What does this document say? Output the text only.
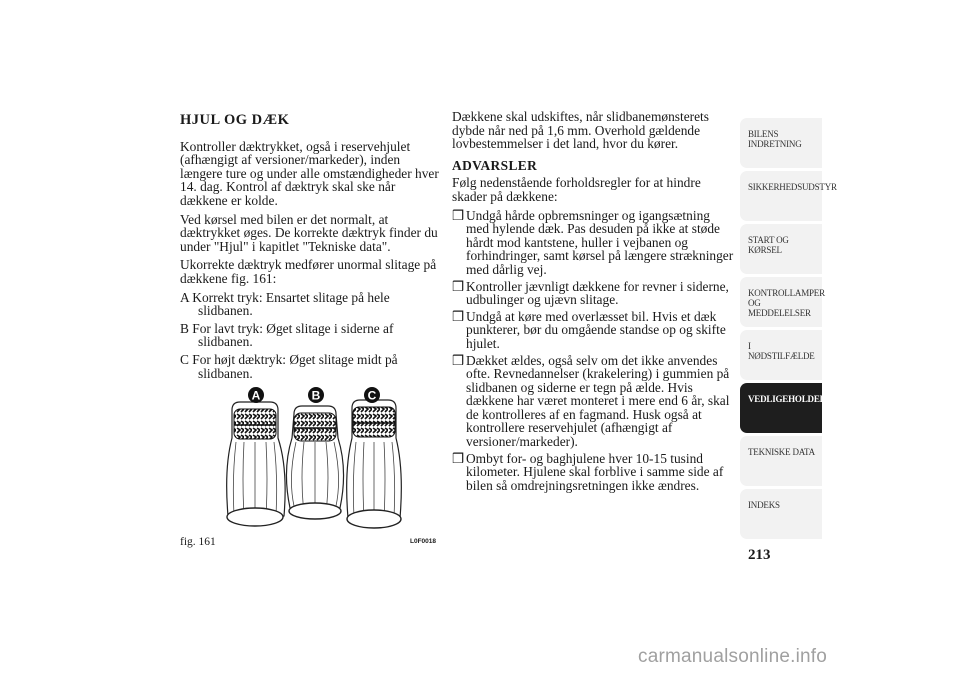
HJUL OG DÆK

Kontroller dæktrykket, også i reservehjulet (afhængigt af versioner/markeder), inden længere ture og under alle omstændigheder hver 14. dag. Kontrol af dæktryk skal ske når dækkene er kolde.

Ved kørsel med bilen er det normalt, at dæktrykket øges. De korrekte dæktryk finder du under "Hjul" i kapitlet "Tekniske data".

Ukorrekte dæktryk medfører unormal slitage på dækkene fig. 161:

A Korrekt tryk: Ensartet slitage på hele slidbanen.

B For lavt tryk: Øget slitage i siderne af slidbanen.

C For højt dæktryk: Øget slitage midt på slidbanen.

A	B	C
fig. 161	L0F0018

Dækkene skal udskiftes, når slidbanemønsterets dybde når ned på 1,6 mm. Overhold gældende lovbestemmelser i det land, hvor du kører.

ADVARSLER

Følg nedenstående forholdsregler for at hindre skader på dækkene:

❒ Undgå hårde opbremsninger og igangsætning med hylende dæk. Pas desuden på ikke at støde hårdt mod kantstene, huller i vejbanen og forhindringer, samt kørsel på længere strækninger med dårlig vej.

❒ Kontroller jævnligt dækkene for revner i siderne, udbulinger og ujævn slitage.

❒ Undgå at køre med overlæsset bil. Hvis et dæk punkterer, bør du omgående standse op og skifte hjulet.

❒ Dækket ældes, også selv om det ikke anvendes ofte. Revnedannelser (krakelering) i gummien på slidbanen og siderne er tegn på ælde. Hvis dækkene har været monteret i mere end 6 år, skal de kontrolleres af en fagmand. Husk også at kontrollere reservehjulet (afhængigt af versioner/markeder).

❒ Ombyt for- og baghjulene hver 10-15 tusind kilometer. Hjulene skal forblive i samme side af bilen så omdrejningsretningen ikke ændres.

BILENS
INDRETNING
SIKKERHEDSUDSTYR
START OG KØRSEL
KONTROLLAMPER
OG MEDDELELSER
I NØDSTILFÆLDE
VEDLIGEHOLDELSE
TEKNISKE DATA
INDEKS
213
carmanualsonline.info
